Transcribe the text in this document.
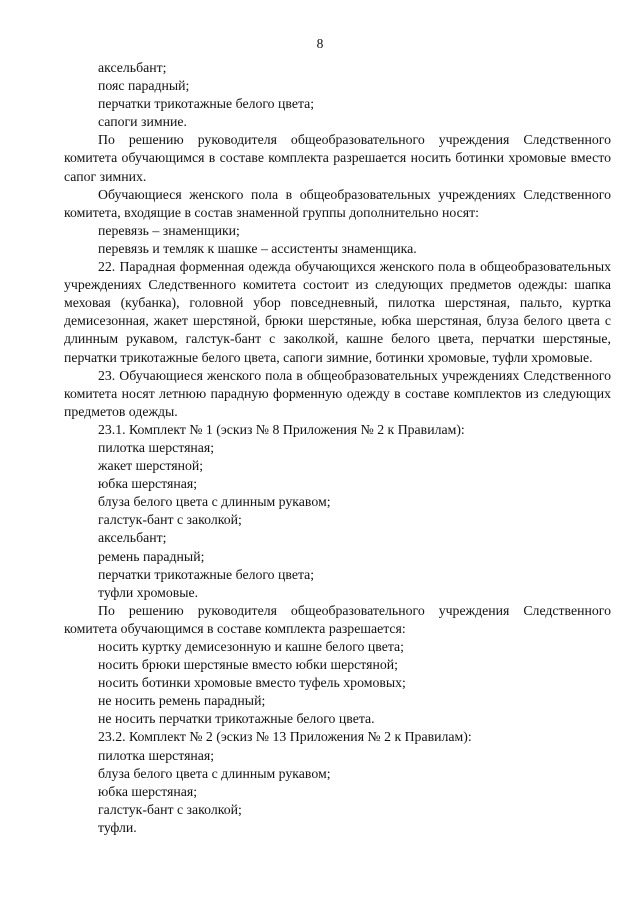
8
аксельбант;
пояс парадный;
перчатки трикотажные белого цвета;
сапоги зимние.
По решению руководителя общеобразовательного учреждения Следственного комитета обучающимся в составе комплекта разрешается носить ботинки хромовые вместо сапог зимних.
Обучающиеся женского пола в общеобразовательных учреждениях Следственного комитета, входящие в состав знаменной группы дополнительно носят:
перевязь – знаменщики;
перевязь и темляк к шашке – ассистенты знаменщика.
22. Парадная форменная одежда обучающихся женского пола в общеобразовательных учреждениях Следственного комитета состоит из следующих предметов одежды: шапка меховая (кубанка), головной убор повседневный, пилотка шерстяная, пальто, куртка демисезонная, жакет шерстяной, брюки шерстяные, юбка шерстяная, блуза белого цвета с длинным рукавом, галстук-бант с заколкой, кашне белого цвета, перчатки шерстяные, перчатки трикотажные белого цвета, сапоги зимние, ботинки хромовые, туфли хромовые.
23. Обучающиеся женского пола в общеобразовательных учреждениях Следственного комитета носят летнюю парадную форменную одежду в составе комплектов из следующих предметов одежды.
23.1. Комплект № 1 (эскиз № 8 Приложения № 2 к Правилам):
пилотка шерстяная;
жакет шерстяной;
юбка шерстяная;
блуза белого цвета с длинным рукавом;
галстук-бант с заколкой;
аксельбант;
ремень парадный;
перчатки трикотажные белого цвета;
туфли хромовые.
По решению руководителя общеобразовательного учреждения Следственного комитета обучающимся в составе комплекта разрешается:
носить куртку демисезонную и кашне белого цвета;
носить брюки шерстяные вместо юбки шерстяной;
носить ботинки хромовые вместо туфель хромовых;
не носить ремень парадный;
не носить перчатки трикотажные белого цвета.
23.2. Комплект № 2 (эскиз № 13 Приложения № 2 к Правилам):
пилотка шерстяная;
блуза белого цвета с длинным рукавом;
юбка шерстяная;
галстук-бант с заколкой;
туфли.
